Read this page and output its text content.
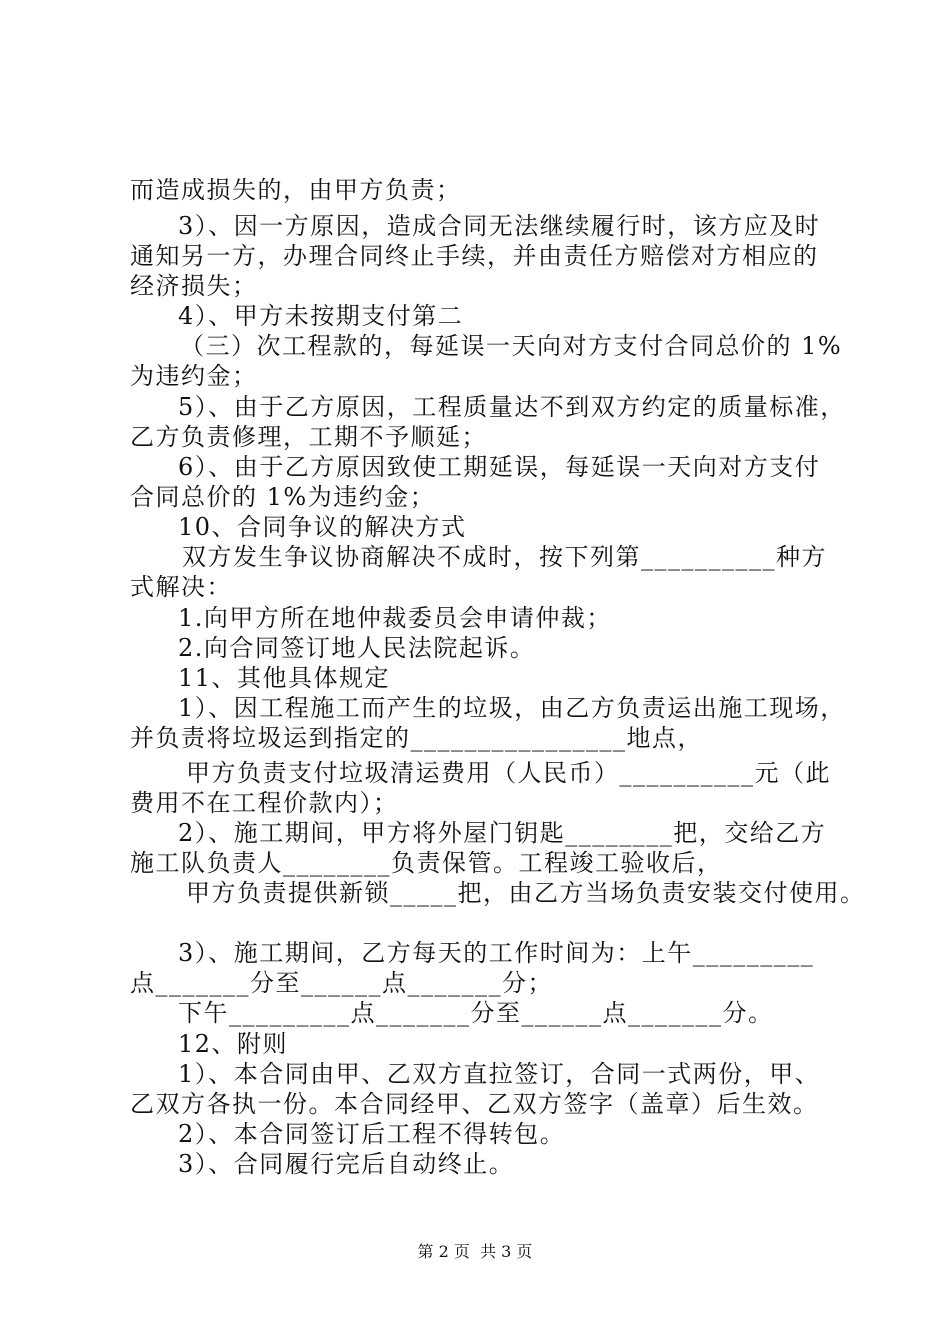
而造成损失的，由甲方负责；
3）、因一方原因，造成合同无法继续履行时，该方应及时
通知另一方，办理合同终止手续，并由责任方赔偿对方相应的
经济损失；
4）、甲方未按期支付第二
（三）次工程款的，每延误一天向对方支付合同总价的 1%
为违约金；
5）、由于乙方原因，工程质量达不到双方约定的质量标准，
乙方负责修理，工期不予顺延；
6）、由于乙方原因致使工期延误，每延误一天向对方支付
合同总价的 1%为违约金；
10、合同争议的解决方式
双方发生争议协商解决不成时，按下列第__________种方
式解决：
1.向甲方所在地仲裁委员会申请仲裁；
2.向合同签订地人民法院起诉。
11、其他具体规定
1）、因工程施工而产生的垃圾，由乙方负责运出施工现场，
并负责将垃圾运到指定的________________地点，
甲方负责支付垃圾清运费用（人民币）__________元（此
费用不在工程价款内）；
2）、施工期间，甲方将外屋门钥匙________把，交给乙方
施工队负责人________负责保管。工程竣工验收后，
甲方负责提供新锁_____把，由乙方当场负责安装交付使用。
3）、施工期间，乙方每天的工作时间为：上午_________
点_______分至______点_______分；
下午_________点_______分至______点_______分。
12、附则
1）、本合同由甲、乙双方直拉签订，合同一式两份，甲、
乙双方各执一份。本合同经甲、乙双方签字（盖章）后生效。
2）、本合同签订后工程不得转包。
3）、合同履行完后自动终止。
第 2 页  共 3 页
